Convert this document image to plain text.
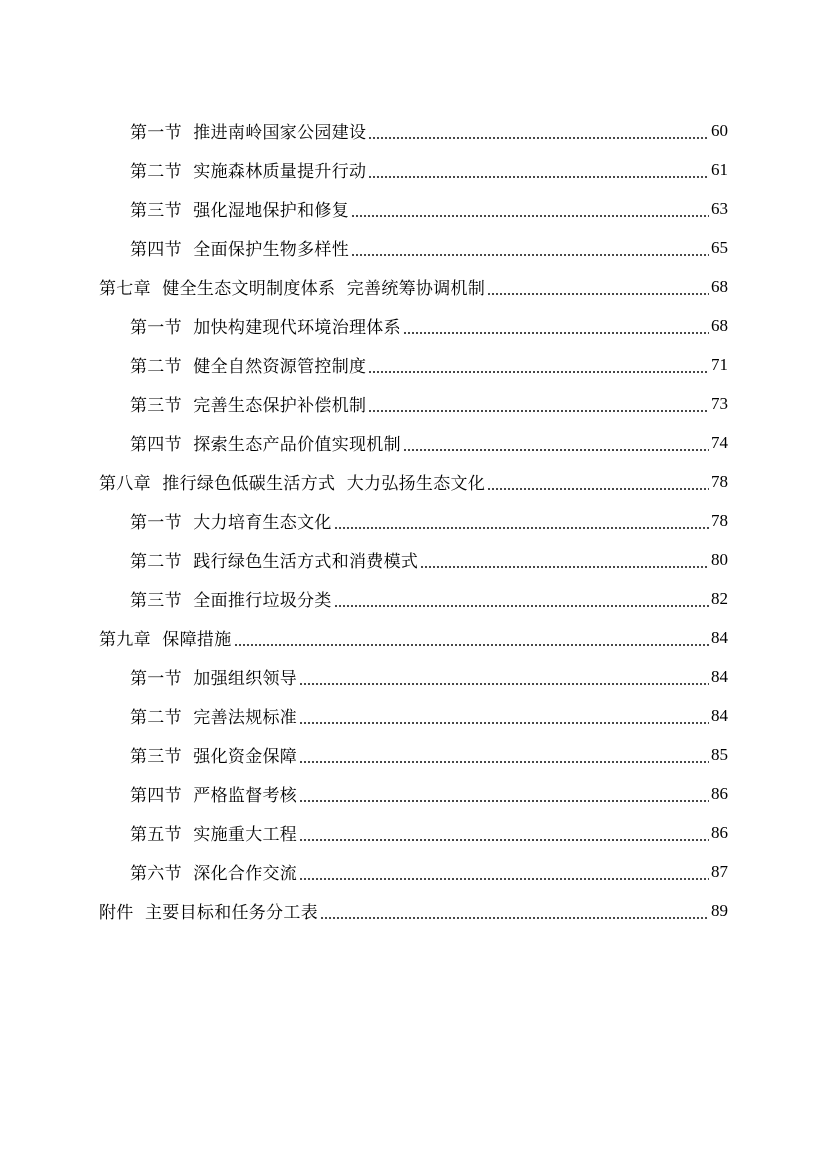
第一节  推进南岭国家公园建设	60
第二节  实施森林质量提升行动	61
第三节  强化湿地保护和修复	63
第四节  全面保护生物多样性	65
第七章  健全生态文明制度体系  完善统筹协调机制	68
第一节  加快构建现代环境治理体系	68
第二节  健全自然资源管控制度	71
第三节  完善生态保护补偿机制	73
第四节  探索生态产品价值实现机制	74
第八章  推行绿色低碳生活方式  大力弘扬生态文化	78
第一节  大力培育生态文化	78
第二节  践行绿色生活方式和消费模式	80
第三节  全面推行垃圾分类	82
第九章  保障措施	84
第一节  加强组织领导	84
第二节  完善法规标准	84
第三节  强化资金保障	85
第四节  严格监督考核	86
第五节  实施重大工程	86
第六节  深化合作交流	87
附件  主要目标和任务分工表	89
